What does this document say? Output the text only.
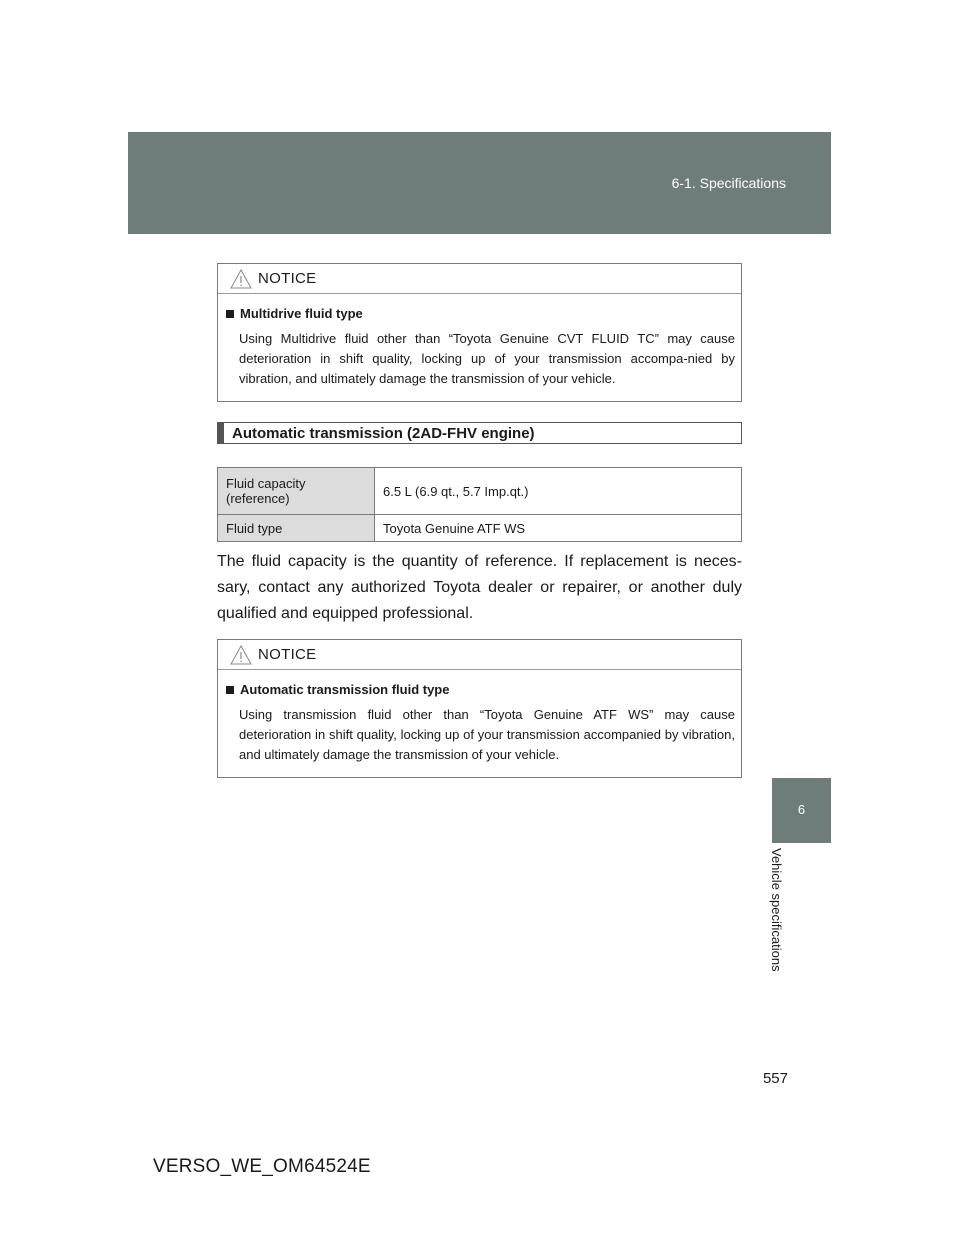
6-1. Specifications
NOTICE
Multidrive fluid type
Using Multidrive fluid other than “Toyota Genuine CVT FLUID TC” may cause deterioration in shift quality, locking up of your transmission accompa-nied by vibration, and ultimately damage the transmission of your vehicle.
Automatic transmission (2AD-FHV engine)
Fluid capacity
(reference)	6.5 L (6.9 qt., 5.7 Imp.qt.)
Fluid type	Toyota Genuine ATF WS
The fluid capacity is the quantity of reference. If replacement is neces-sary, contact any authorized Toyota dealer or repairer, or another duly qualified and equipped professional.
NOTICE
Automatic transmission fluid type
Using transmission fluid other than “Toyota Genuine ATF WS” may cause deterioration in shift quality, locking up of your transmission accompanied by vibration, and ultimately damage the transmission of your vehicle.
6
Vehicle specifications
557
VERSO_WE_OM64524E
